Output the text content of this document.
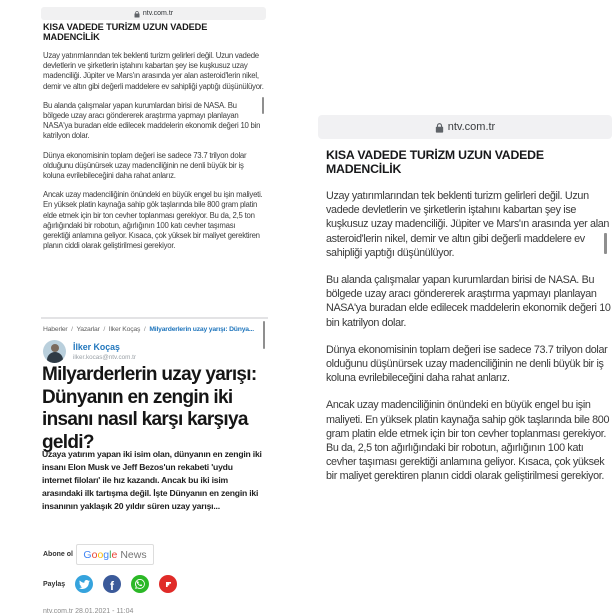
ntv.com.tr
KISA VADEDE TURİZM UZUN VADEDE MADENCİLİK

Uzay yatırımlarından tek beklenti turizm gelirleri değil. Uzun vadede devletlerin ve şirketlerin iştahını kabartan şey ise kuşkusuz uzay madenciliği. Jüpiter ve Mars'ın arasında yer alan asteroid'lerin nikel, demir ve altın gibi değerli maddelere ev sahipliği yaptığı düşünülüyor.

Bu alanda çalışmalar yapan kurumlardan birisi de NASA. Bu bölgede uzay aracı göndererek araştırma yapmayı planlayan NASA'ya buradan elde edilecek maddelerin ekonomik değeri 10 bin katrilyon dolar.

Dünya ekonomisinin toplam değeri ise sadece 73.7 trilyon dolar olduğunu düşünürsek uzay madenciliğinin ne denli büyük bir iş koluna evrilebileceğini daha rahat anlarız.

Ancak uzay madenciliğinin önündeki en büyük engel bu işin maliyeti. En yüksek platin kaynağa sahip gök taşlarında bile 800 gram platin elde etmek için bir ton cevher toplanması gerekiyor. Bu da, 2,5 ton ağırlığındaki bir robotun, ağırlığının 100 katı cevher taşıması gerektiği anlamına geliyor. Kısaca, çok yüksek bir maliyet gerektiren planın ciddi olarak geliştirilmesi gerekiyor.

Haberler / Yazarlar / İlker Koçaş / Milyarderlerin uzay yarışı: Dünya...
İlker Koçaş
ilker.kocas@ntv.com.tr
Milyarderlerin uzay yarışı: Dünyanın en zengin iki insanı nasıl karşı karşıya geldi?
Uzaya yatırım yapan iki isim olan, dünyanın en zengin iki insanı Elon Musk ve Jeff Bezos'un rekabeti 'uydu internet filoları' ile hız kazandı. Ancak bu iki isim arasındaki ilk tartışma değil. İşte Dünyanın en zengin iki insanının yaklaşık 20 yıldır süren uzay yarışı...
Abone ol Google News
Paylaş	f
ntv.com.tr 28.01.2021 - 11:04
ntv.com.tr
KISA VADEDE TURİZM UZUN VADEDE MADENCİLİK

Uzay yatırımlarından tek beklenti turizm gelirleri değil. Uzun vadede devletlerin ve şirketlerin iştahını kabartan şey ise kuşkusuz uzay madenciliği. Jüpiter ve Mars'ın arasında yer alan asteroid'lerin nikel, demir ve altın gibi değerli maddelere ev sahipliği yaptığı düşünülüyor.

Bu alanda çalışmalar yapan kurumlardan birisi de NASA. Bu bölgede uzay aracı göndererek araştırma yapmayı planlayan NASA'ya buradan elde edilecek maddelerin ekonomik değeri 10 bin katrilyon dolar.

Dünya ekonomisinin toplam değeri ise sadece 73.7 trilyon dolar olduğunu düşünürsek uzay madenciliğinin ne denli büyük bir iş koluna evrilebileceğini daha rahat anlarız.

Ancak uzay madenciliğinin önündeki en büyük engel bu işin maliyeti. En yüksek platin kaynağa sahip gök taşlarında bile 800 gram platin elde etmek için bir ton cevher toplanması gerekiyor. Bu da, 2,5 ton ağırlığındaki bir robotun, ağırlığının 100 katı cevher taşıması gerektiği anlamına geliyor. Kısaca, çok yüksek bir maliyet gerektiren planın ciddi olarak geliştirilmesi gerekiyor.
